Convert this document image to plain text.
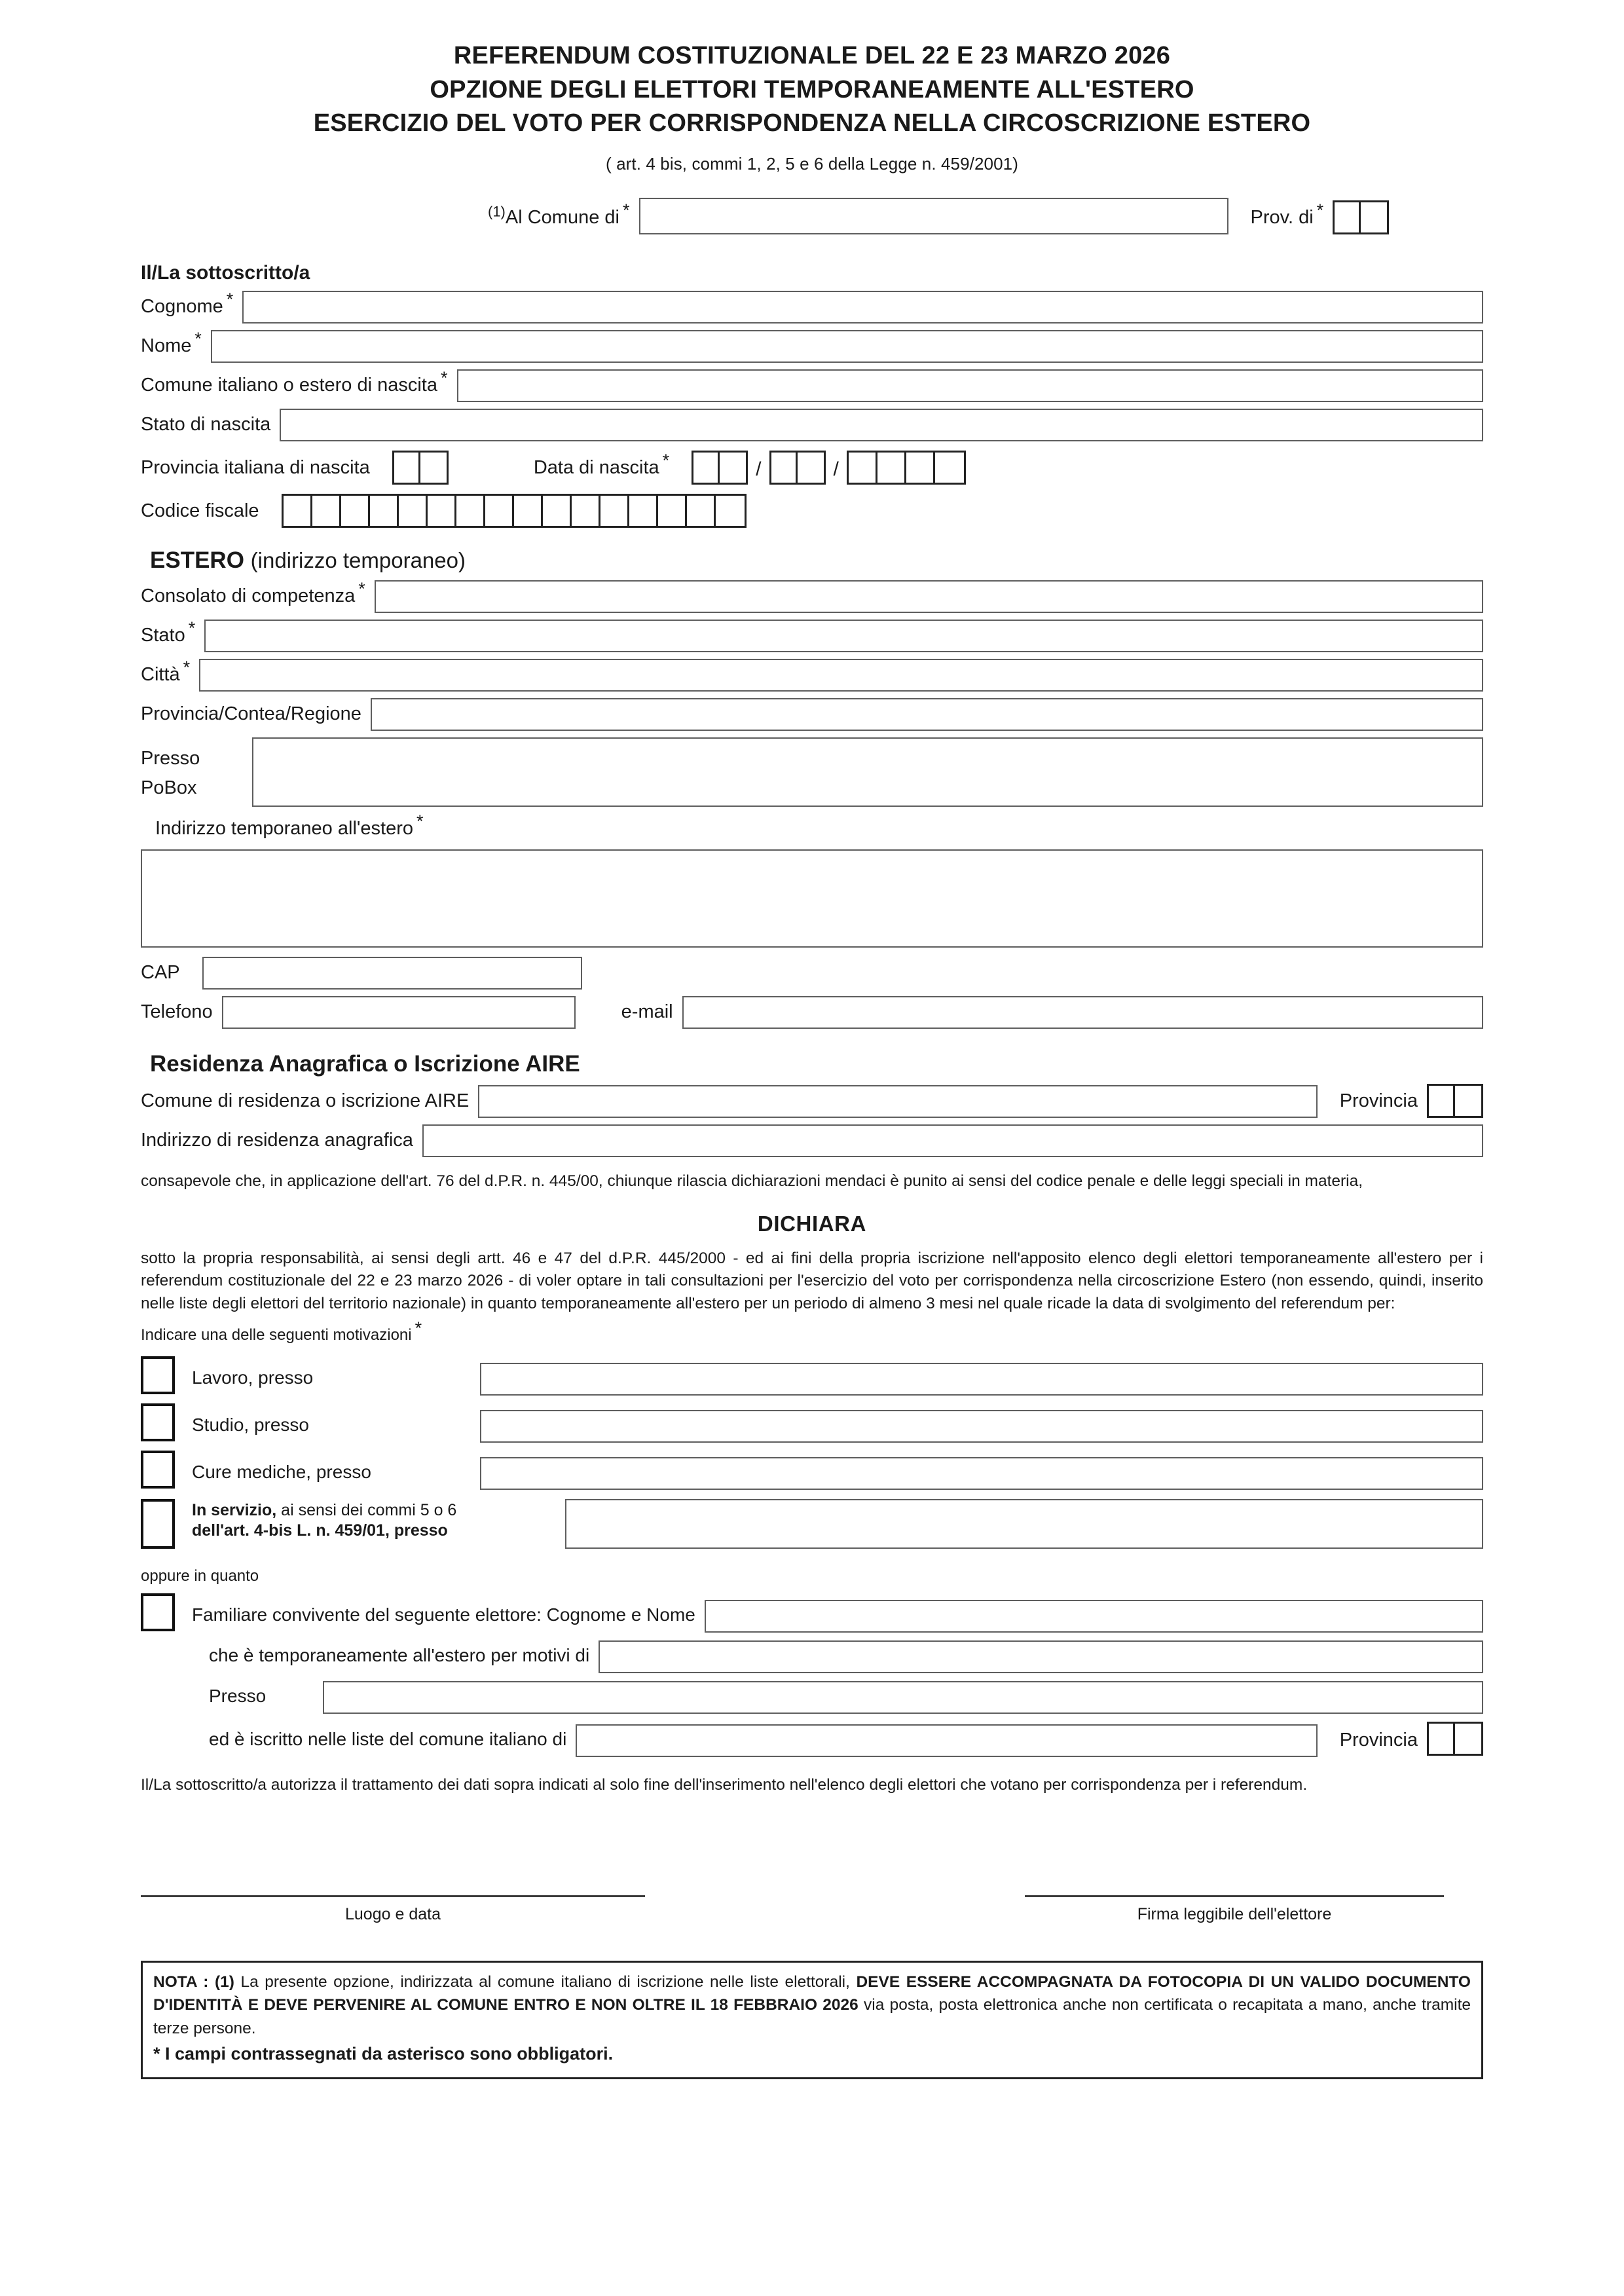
REFERENDUM COSTITUZIONALE DEL 22 E 23 MARZO 2026
OPZIONE DEGLI ELETTORI TEMPORANEAMENTE ALL'ESTERO
ESERCIZIO DEL VOTO PER CORRISPONDENZA NELLA CIRCOSCRIZIONE ESTERO
( art. 4 bis, commi 1, 2, 5 e 6 della Legge n. 459/2001)
$^{(1)}$Al Comune di *	Prov. di *
Il/La sottoscritto/a
Cognome *
Nome *
Comune italiano o estero di nascita *
Stato di nascita
Provincia italiana di nascita	Data di nascita *	/	/
Codice fiscale
ESTERO (indirizzo temporaneo)
Consolato di competenza *
Stato *
Città *
Provincia/Contea/Regione
Presso
PoBox
Indirizzo temporaneo all'estero *
CAP
Telefono	e-mail
Residenza Anagrafica o Iscrizione AIRE
Comune di residenza o iscrizione AIRE	Provincia
Indirizzo di residenza anagrafica
consapevole che, in applicazione dell'art. 76 del d.P.R. n. 445/00, chiunque rilascia dichiarazioni mendaci è punito ai sensi del codice penale e delle leggi speciali in materia,
DICHIARA
sotto la propria responsabilità, ai sensi degli artt. 46 e 47 del d.P.R. 445/2000 - ed ai fini della propria iscrizione nell'apposito elenco degli elettori temporaneamente all'estero per i referendum costituzionale del 22 e 23 marzo 2026 - di voler optare in tali consultazioni per l'esercizio del voto per corrispondenza nella circoscrizione Estero (non essendo, quindi, inserito nelle liste degli elettori del territorio nazionale) in quanto temporaneamente all'estero per un periodo di almeno 3 mesi nel quale ricade la data di svolgimento del referendum per:
Indicare una delle seguenti motivazioni *
Lavoro, presso
Studio, presso
Cure mediche, presso
In servizio, ai sensi dei commi 5 o 6
dell'art. 4-bis L. n. 459/01, presso
oppure in quanto
Familiare convivente del seguente elettore: Cognome e Nome
che è temporaneamente all'estero per motivi di
Presso
ed è iscritto nelle liste del comune italiano di	Provincia
Il/La sottoscritto/a autorizza il trattamento dei dati sopra indicati al solo fine dell'inserimento nell'elenco degli elettori che votano per corrispondenza per i referendum.
Luogo e data	Firma leggibile dell'elettore
NOTA : (1) La presente opzione, indirizzata al comune italiano di iscrizione nelle liste elettorali, DEVE ESSERE ACCOMPAGNATA DA FOTOCOPIA DI UN VALIDO DOCUMENTO D'IDENTITÀ E DEVE PERVENIRE AL COMUNE ENTRO E NON OLTRE IL 18 FEBBRAIO 2026 via posta, posta elettronica anche non certificata o recapitata a mano, anche tramite terze persone.
* I campi contrassegnati da asterisco sono obbligatori.
